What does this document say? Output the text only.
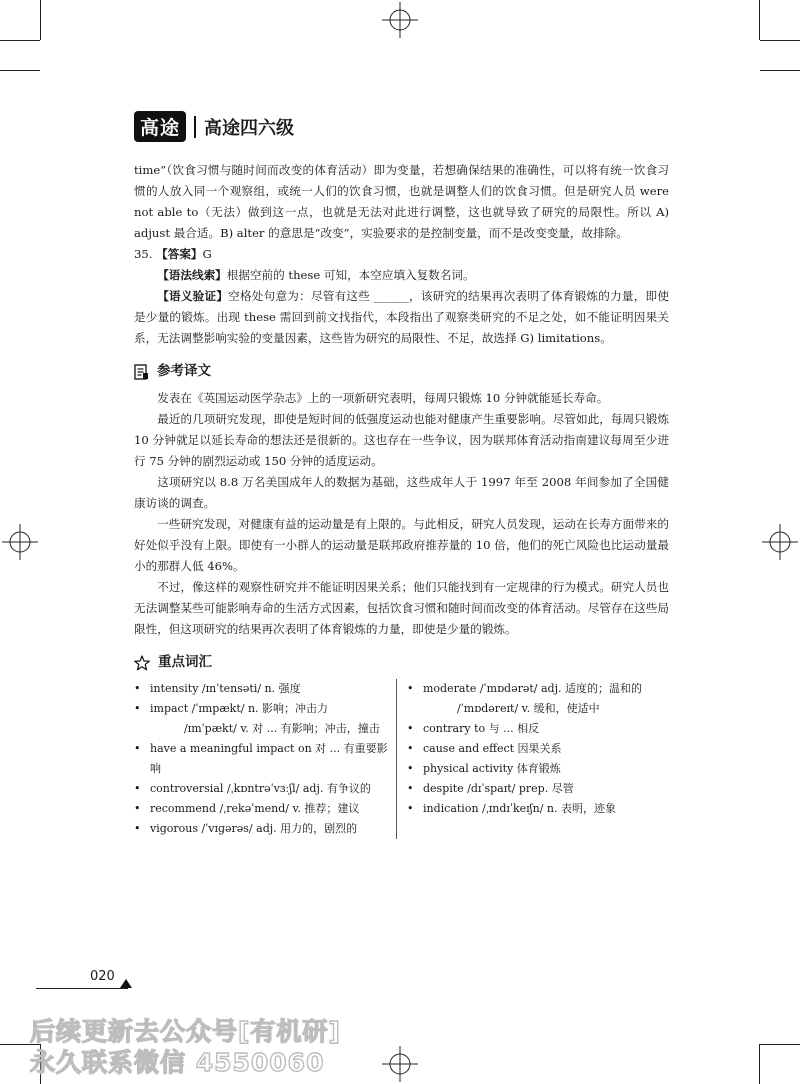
高途	高途四六级

time”（饮食习惯与随时间而改变的体育活动）即为变量，若想确保结果的准确性，可以将有统一饮食习惯的人放入同一个观察组，或统一人们的饮食习惯，也就是调整人们的饮食习惯。但是研究人员 were not able to（无法）做到这一点，也就是无法对此进行调整，这也就导致了研究的局限性。所以 A) adjust 最合适。B) alter 的意思是“改变”，实验要求的是控制变量，而不是改变变量，故排除。

35. 【答案】G

【语法线索】根据空前的 these 可知，本空应填入复数名词。

【语义验证】空格处句意为：尽管有这些 ______，该研究的结果再次表明了体育锻炼的力量，即使是少量的锻炼。出现 these 需回到前文找指代，本段指出了观察类研究的不足之处，如不能证明因果关系，无法调整影响实验的变量因素，这些皆为研究的局限性、不足，故选择 G) limitations。

参考译文

发表在《英国运动医学杂志》上的一项新研究表明，每周只锻炼 10 分钟就能延长寿命。

最近的几项研究发现，即使是短时间的低强度运动也能对健康产生重要影响。尽管如此，每周只锻炼 10 分钟就足以延长寿命的想法还是很新的。这也存在一些争议，因为联邦体育活动指南建议每周至少进行 75 分钟的剧烈运动或 150 分钟的适度运动。

这项研究以 8.8 万名美国成年人的数据为基础，这些成年人于 1997 年至 2008 年间参加了全国健康访谈的调查。

一些研究发现，对健康有益的运动量是有上限的。与此相反，研究人员发现，运动在长寿方面带来的好处似乎没有上限。即使有一小群人的运动量是联邦政府推荐量的 10 倍，他们的死亡风险也比运动量最小的那群人低 46%。

不过，像这样的观察性研究并不能证明因果关系；他们只能找到有一定规律的行为模式。研究人员也无法调整某些可能影响寿命的生活方式因素，包括饮食习惯和随时间而改变的体育活动。尽管存在这些局限性，但这项研究的结果再次表明了体育锻炼的力量，即使是少量的锻炼。

重点词汇
• intensity /ɪnˈtensəti/ n. 强度
• impact /ˈɪmpækt/ n. 影响；冲击力
/ɪmˈpækt/ v. 对 ... 有影响；冲击，撞击
• have a meaningful impact on 对 ... 有重要影响
• controversial /ˌkɒntrəˈvɜːʃl/ adj. 有争议的
• recommend /ˌrekəˈmend/ v. 推荐；建议
• vigorous /ˈvɪɡərəs/ adj. 用力的，剧烈的
• moderate /ˈmɒdərət/ adj. 适度的；温和的
/ˈmɒdəreɪt/ v. 缓和，使适中
• contrary to 与 ... 相反
• cause and effect 因果关系
• physical activity 体育锻炼
• despite /dɪˈspaɪt/ prep. 尽管
• indication /ˌɪndɪˈkeɪʃn/ n. 表明，迹象
020
后续更新去公众号[有机研]
永久联系微信 4550060
